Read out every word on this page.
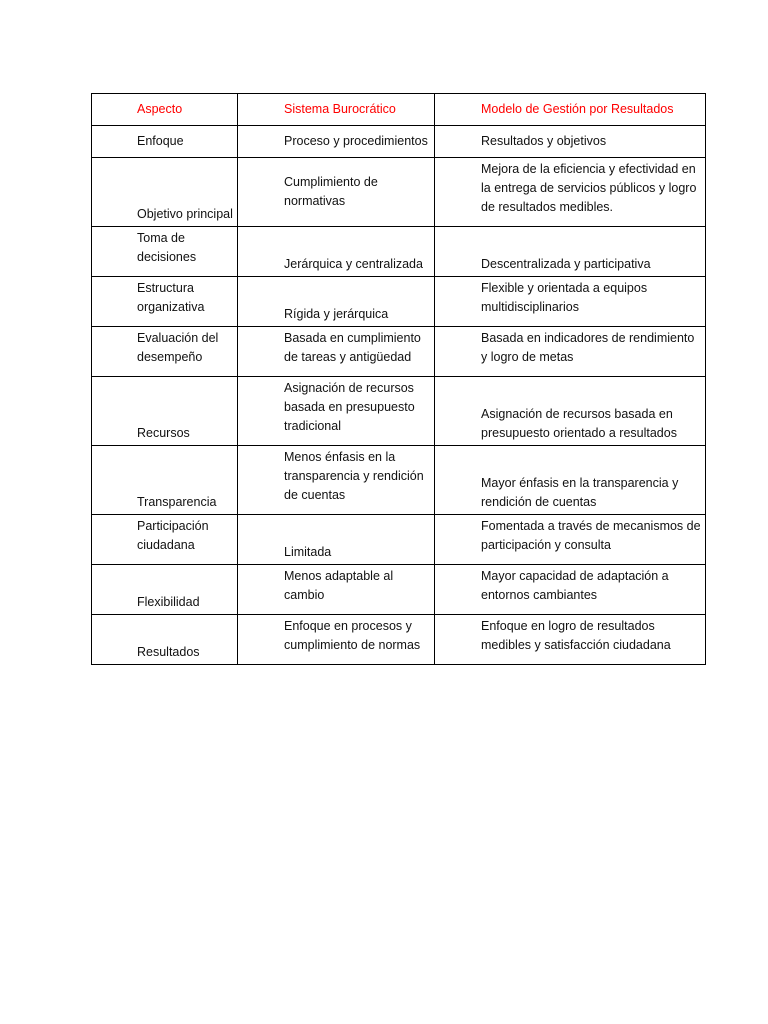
Aspecto	Sistema Burocrático	Modelo de Gestión por Resultados
Enfoque	Proceso y procedimientos	Resultados y objetivos
Objetivo principal	Cumplimiento de normativas	Mejora de la eficiencia y efectividad en la entrega de servicios públicos y logro de resultados medibles.
Toma de decisiones	Jerárquica y centralizada	Descentralizada y participativa
Estructura organizativa	Rígida y jerárquica	Flexible y orientada a equipos multidisciplinarios
Evaluación del desempeño	Basada en cumplimiento de tareas y antigüedad	Basada en indicadores de rendimiento y logro de metas
Recursos	Asignación de recursos basada en presupuesto tradicional	Asignación de recursos basada en presupuesto orientado a resultados
Transparencia	Menos énfasis en la transparencia y rendición de cuentas	Mayor énfasis en la transparencia y rendición de cuentas
Participación ciudadana	Limitada	Fomentada a través de mecanismos de participación y consulta
Flexibilidad	Menos adaptable al cambio	Mayor capacidad de adaptación a entornos cambiantes
Resultados	Enfoque en procesos y cumplimiento de normas	Enfoque en logro de resultados medibles y satisfacción ciudadana
